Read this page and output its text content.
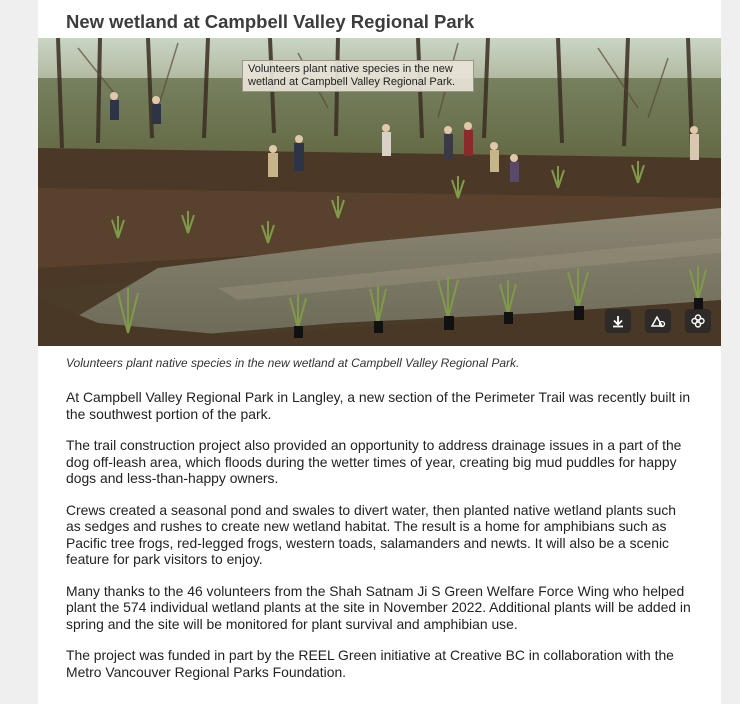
New wetland at Campbell Valley Regional Park
Volunteers plant native species in the new wetland at Campbell Valley Regional Park.

Volunteers plant native species in the new wetland at Campbell Valley Regional Park.

At Campbell Valley Regional Park in Langley, a new section of the Perimeter Trail was recently built in the southwest portion of the park.

The trail construction project also provided an opportunity to address drainage issues in a part of the dog off-leash area, which floods during the wetter times of year, creating big mud puddles for happy dogs and less-than-happy owners.

Crews created a seasonal pond and swales to divert water, then planted native wetland plants such as sedges and rushes to create new wetland habitat. The result is a home for amphibians such as Pacific tree frogs, red-legged frogs, western toads, salamanders and newts. It will also be a scenic feature for park visitors to enjoy.

Many thanks to the 46 volunteers from the Shah Satnam Ji S Green Welfare Force Wing who helped plant the 574 individual wetland plants at the site in November 2022. Additional plants will be added in spring and the site will be monitored for plant survival and amphibian use.

The project was funded in part by the REEL Green initiative at Creative BC in collaboration with the Metro Vancouver Regional Parks Foundation.
